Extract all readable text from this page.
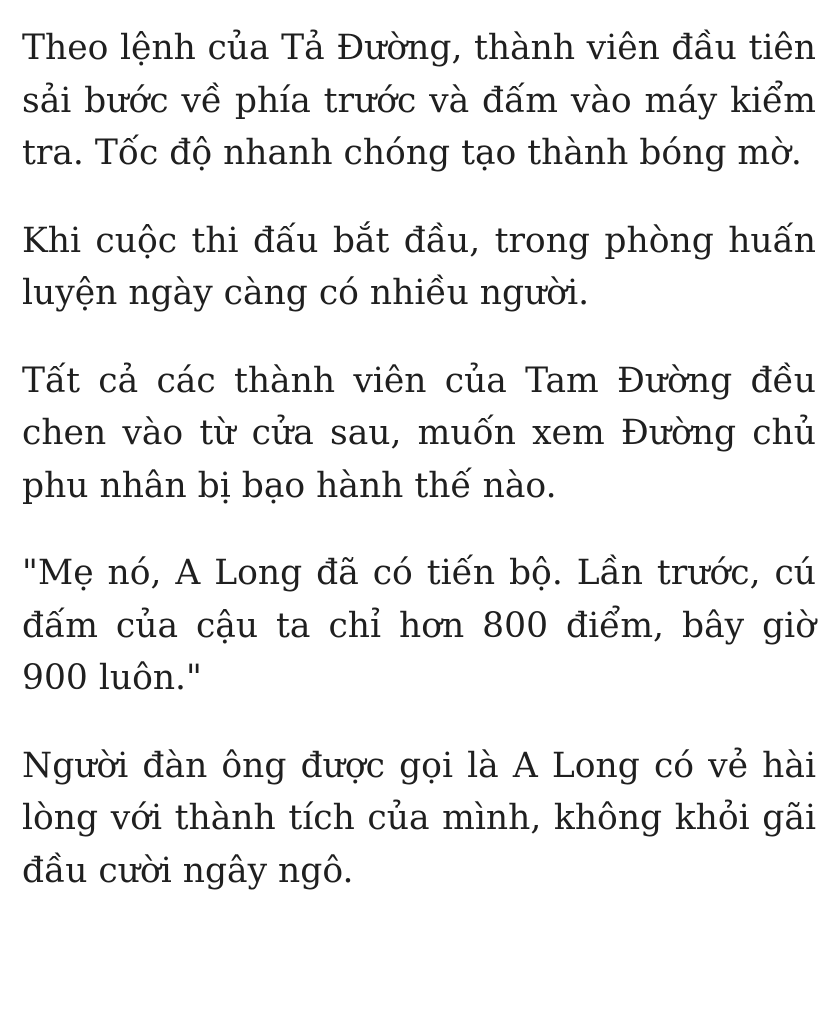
Theo lệnh của Tả Đường, thành viên đầu tiên sải bước về phía trước và đấm vào máy kiểm tra. Tốc độ nhanh chóng tạo thành bóng mờ.

Khi cuộc thi đấu bắt đầu, trong phòng huấn luyện ngày càng có nhiều người.

Tất cả các thành viên của Tam Đường đều chen vào từ cửa sau, muốn xem Đường chủ phu nhân bị bạo hành thế nào.

"Mẹ nó, A Long đã có tiến bộ. Lần trước, cú đấm của cậu ta chỉ hơn 800 điểm, bây giờ 900 luôn."

Người đàn ông được gọi là A Long có vẻ hài lòng với thành tích của mình, không khỏi gãi đầu cười ngây ngô.
